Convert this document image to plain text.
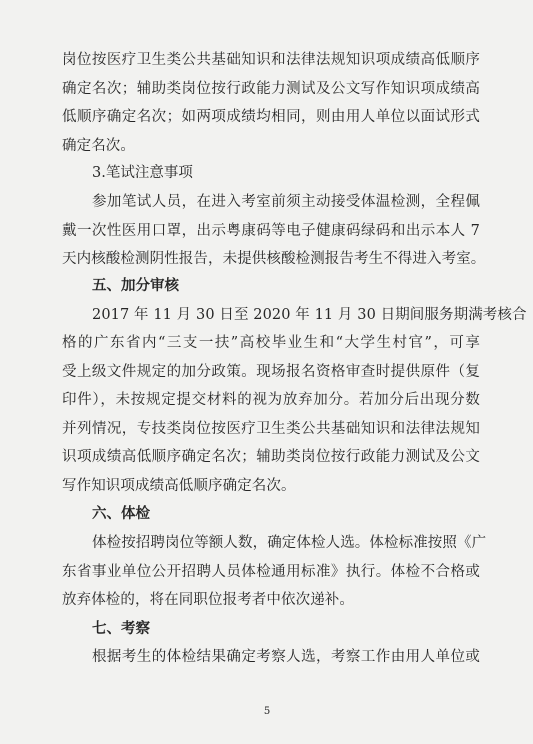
岗位按医疗卫生类公共基础知识和法律法规知识项成绩高低顺序
确定名次；辅助类岗位按行政能力测试及公文写作知识项成绩高
低顺序确定名次；如两项成绩均相同，则由用人单位以面试形式
确定名次。
3.笔试注意事项
参加笔试人员，在进入考室前须主动接受体温检测，全程佩
戴一次性医用口罩，出示粤康码等电子健康码绿码和出示本人 7
天内核酸检测阴性报告，未提供核酸检测报告考生不得进入考室。
五、加分审核
2017 年 11 月 30 日至 2020 年 11 月 30 日期间服务期满考核合
格的广东省内“三支一扶”高校毕业生和“大学生村官”，可享
受上级文件规定的加分政策。现场报名资格审查时提供原件（复
印件），未按规定提交材料的视为放弃加分。若加分后出现分数
并列情况，专技类岗位按医疗卫生类公共基础知识和法律法规知
识项成绩高低顺序确定名次；辅助类岗位按行政能力测试及公文
写作知识项成绩高低顺序确定名次。
5
六、体检
体检按招聘岗位等额人数，确定体检人选。体检标准按照《广
东省事业单位公开招聘人员体检通用标准》执行。体检不合格或
放弃体检的，将在同职位报考者中依次递补。
七、考察
根据考生的体检结果确定考察人选，考察工作由用人单位或
